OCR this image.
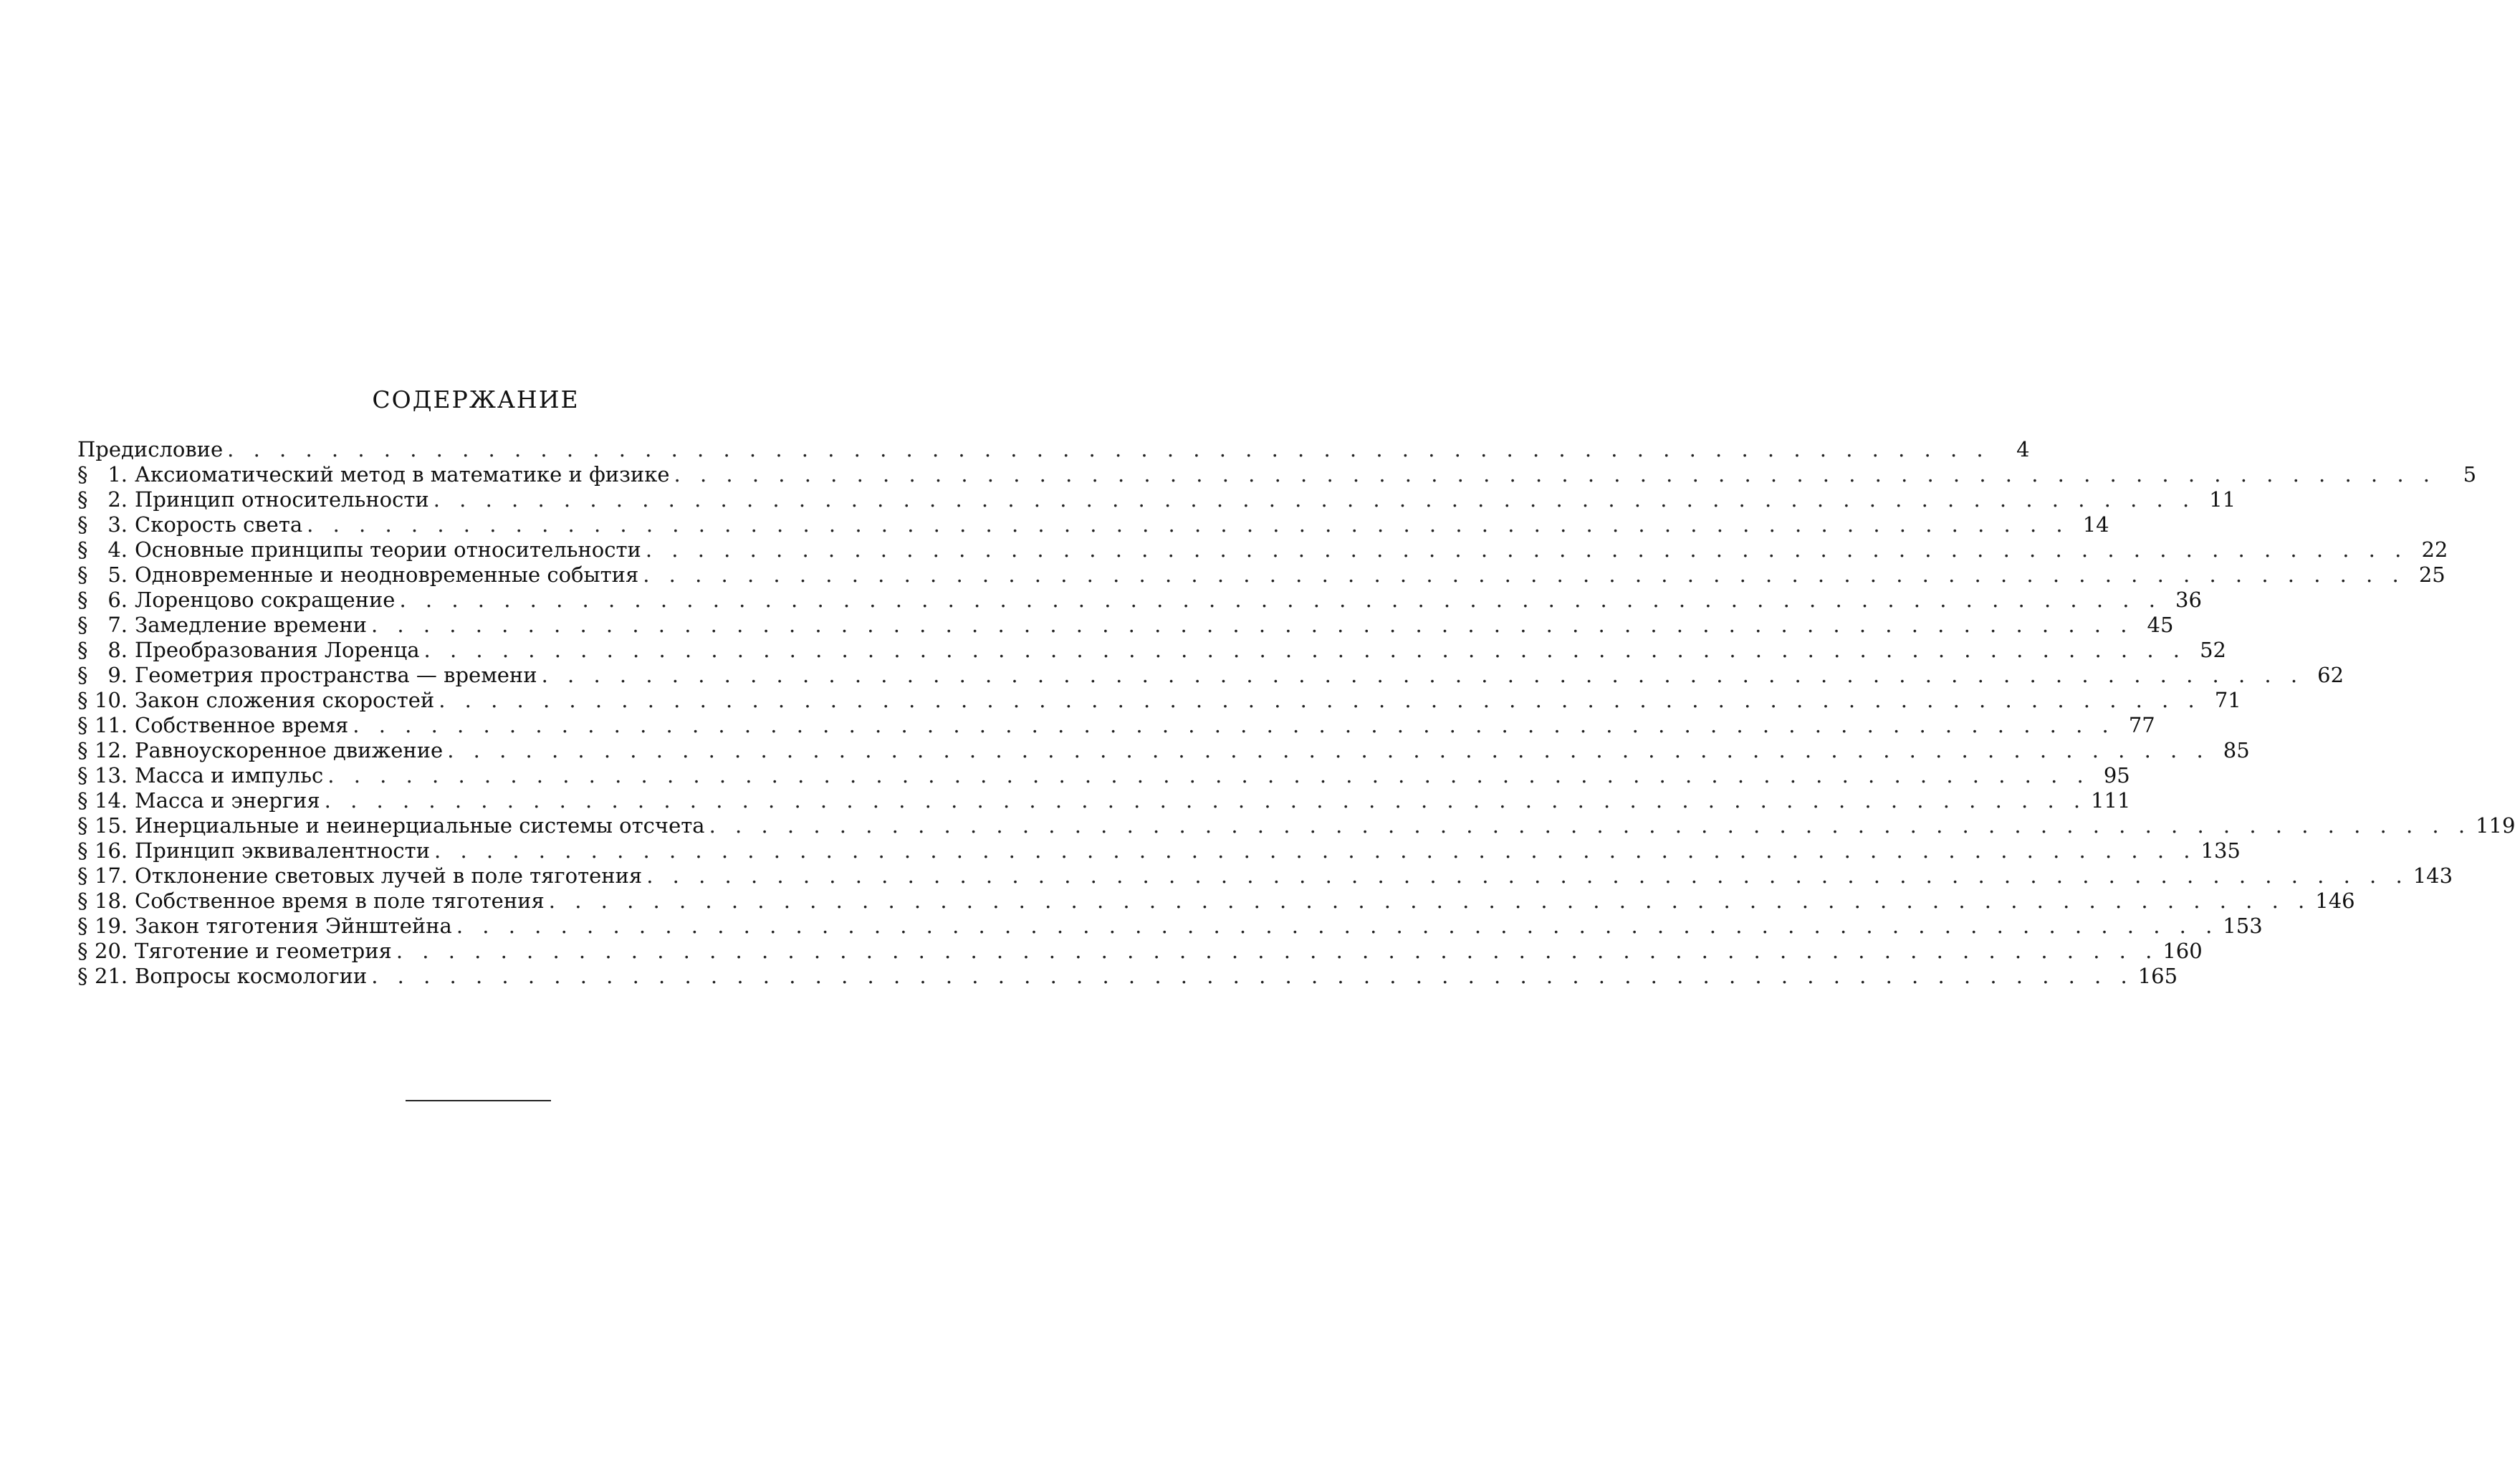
СОДЕРЖАНИЕ
Предисловие . . . . . . . . . . . . . . . . . . . . . . . . . . . . . . . . . . . . . . . . . . . . . . . . . . . . . . . . . . . . . . . . . . . .	4
§ 1. Аксиоматический метод в математике и физике . . . . . . . . . . . . . . . . . . . . . . . . . . . . . . . . . . . . . . . . . . . . . . . . . . . . . . . . . . . . . . . . . . . .	5
§ 2. Принцип относительности . . . . . . . . . . . . . . . . . . . . . . . . . . . . . . . . . . . . . . . . . . . . . . . . . . . . . . . . . . . . . . . . . . . . 11
§ 3. Скорость света . . . . . . . . . . . . . . . . . . . . . . . . . . . . . . . . . . . . . . . . . . . . . . . . . . . . . . . . . . . . . . . . . . . . 14
§ 4. Основные принципы теории относительности . . . . . . . . . . . . . . . . . . . . . . . . . . . . . . . . . . . . . . . . . . . . . . . . . . . . . . . . . . . . . . . . . . . . 22
§ 5. Одновременные и неодновременные события . . . . . . . . . . . . . . . . . . . . . . . . . . . . . . . . . . . . . . . . . . . . . . . . . . . . . . . . . . . . . . . . . . . . 25
§ 6. Лоренцово сокращение . . . . . . . . . . . . . . . . . . . . . . . . . . . . . . . . . . . . . . . . . . . . . . . . . . . . . . . . . . . . . . . . . . . . 36
§ 7. Замедление времени . . . . . . . . . . . . . . . . . . . . . . . . . . . . . . . . . . . . . . . . . . . . . . . . . . . . . . . . . . . . . . . . . . . . 45
§ 8. Преобразования Лоренца . . . . . . . . . . . . . . . . . . . . . . . . . . . . . . . . . . . . . . . . . . . . . . . . . . . . . . . . . . . . . . . . . . . . 52
§ 9. Геометрия пространства — времени . . . . . . . . . . . . . . . . . . . . . . . . . . . . . . . . . . . . . . . . . . . . . . . . . . . . . . . . . . . . . . . . . . . . 62
§ 10. Закон сложения скоростей . . . . . . . . . . . . . . . . . . . . . . . . . . . . . . . . . . . . . . . . . . . . . . . . . . . . . . . . . . . . . . . . . . . . 71
§ 11. Собственное время . . . . . . . . . . . . . . . . . . . . . . . . . . . . . . . . . . . . . . . . . . . . . . . . . . . . . . . . . . . . . . . . . . . . 77
§ 12. Равноускоренное движение . . . . . . . . . . . . . . . . . . . . . . . . . . . . . . . . . . . . . . . . . . . . . . . . . . . . . . . . . . . . . . . . . . . . 85
§ 13. Масса и импульс . . . . . . . . . . . . . . . . . . . . . . . . . . . . . . . . . . . . . . . . . . . . . . . . . . . . . . . . . . . . . . . . . . . . 95
§ 14. Масса и энергия . . . . . . . . . . . . . . . . . . . . . . . . . . . . . . . . . . . . . . . . . . . . . . . . . . . . . . . . . . . . . . . . . . . . 111
§ 15. Инерциальные и неинерциальные системы отсчета . . . . . . . . . . . . . . . . . . . . . . . . . . . . . . . . . . . . . . . . . . . . . . . . . . . . . . . . . . . . . . . . . . . . 119
§ 16. Принцип эквивалентности . . . . . . . . . . . . . . . . . . . . . . . . . . . . . . . . . . . . . . . . . . . . . . . . . . . . . . . . . . . . . . . . . . . . 135
§ 17. Отклонение световых лучей в поле тяготения . . . . . . . . . . . . . . . . . . . . . . . . . . . . . . . . . . . . . . . . . . . . . . . . . . . . . . . . . . . . . . . . . . . . 143
§ 18. Собственное время в поле тяготения . . . . . . . . . . . . . . . . . . . . . . . . . . . . . . . . . . . . . . . . . . . . . . . . . . . . . . . . . . . . . . . . . . . . 146
§ 19. Закон тяготения Эйнштейна . . . . . . . . . . . . . . . . . . . . . . . . . . . . . . . . . . . . . . . . . . . . . . . . . . . . . . . . . . . . . . . . . . . . 153
§ 20. Тяготение и геометрия . . . . . . . . . . . . . . . . . . . . . . . . . . . . . . . . . . . . . . . . . . . . . . . . . . . . . . . . . . . . . . . . . . . . 160
§ 21. Вопросы космологии . . . . . . . . . . . . . . . . . . . . . . . . . . . . . . . . . . . . . . . . . . . . . . . . . . . . . . . . . . . . . . . . . . . . 165
